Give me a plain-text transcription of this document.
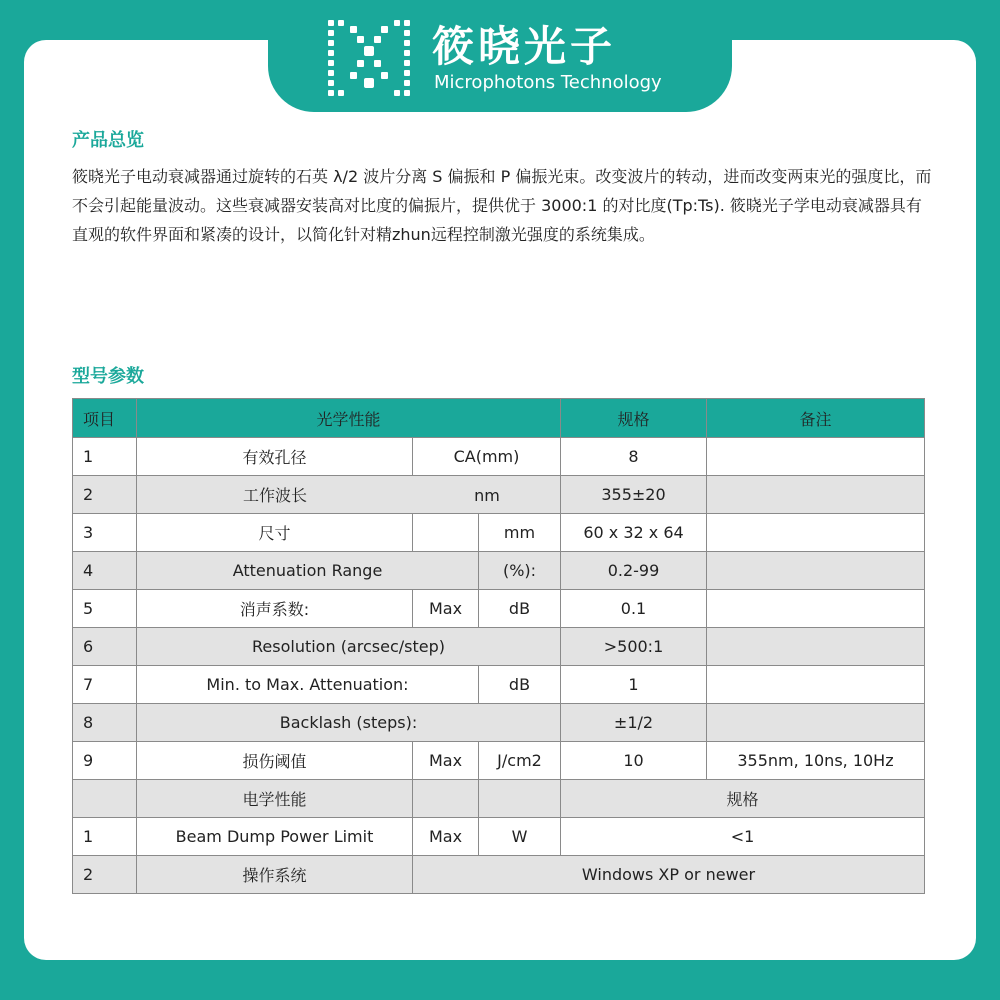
筱晓光子
Microphotons Technology
产品总览
筱晓光子电动衰减器通过旋转的石英 λ/2 波片分离 S 偏振和 P 偏振光束。改变波片的转动，进而改变两束光的强度比，而不会引起能量波动。这些衰减器安装高对比度的偏振片，提供优于 3000:1 的对比度(Tp:Ts). 筱晓光子学电动衰减器具有直观的软件界面和紧凑的设计，以简化针对精zhun远程控制激光强度的系统集成。
型号参数
项目	光学性能			规格	备注
1	有效孔径	CA(mm)		8	
2	工作波长 nm			355±20	
3	尺寸		mm	60 x 32 x 64	
4	Attenuation Range		(%):	0.2-99	
5	消声系数:	Max	dB	0.1	
6	Resolution (arcsec/step)			>500:1	
7	Min. to Max. Attenuation:		dB	1	
8	Backlash (steps):			±1/2	
9	损伤阈值	Max	J/cm2	10	355nm, 10ns, 10Hz
	电学性能			规格	
1	Beam Dump Power Limit	Max	W	<1	
2	操作系统	Windows XP or newer			
